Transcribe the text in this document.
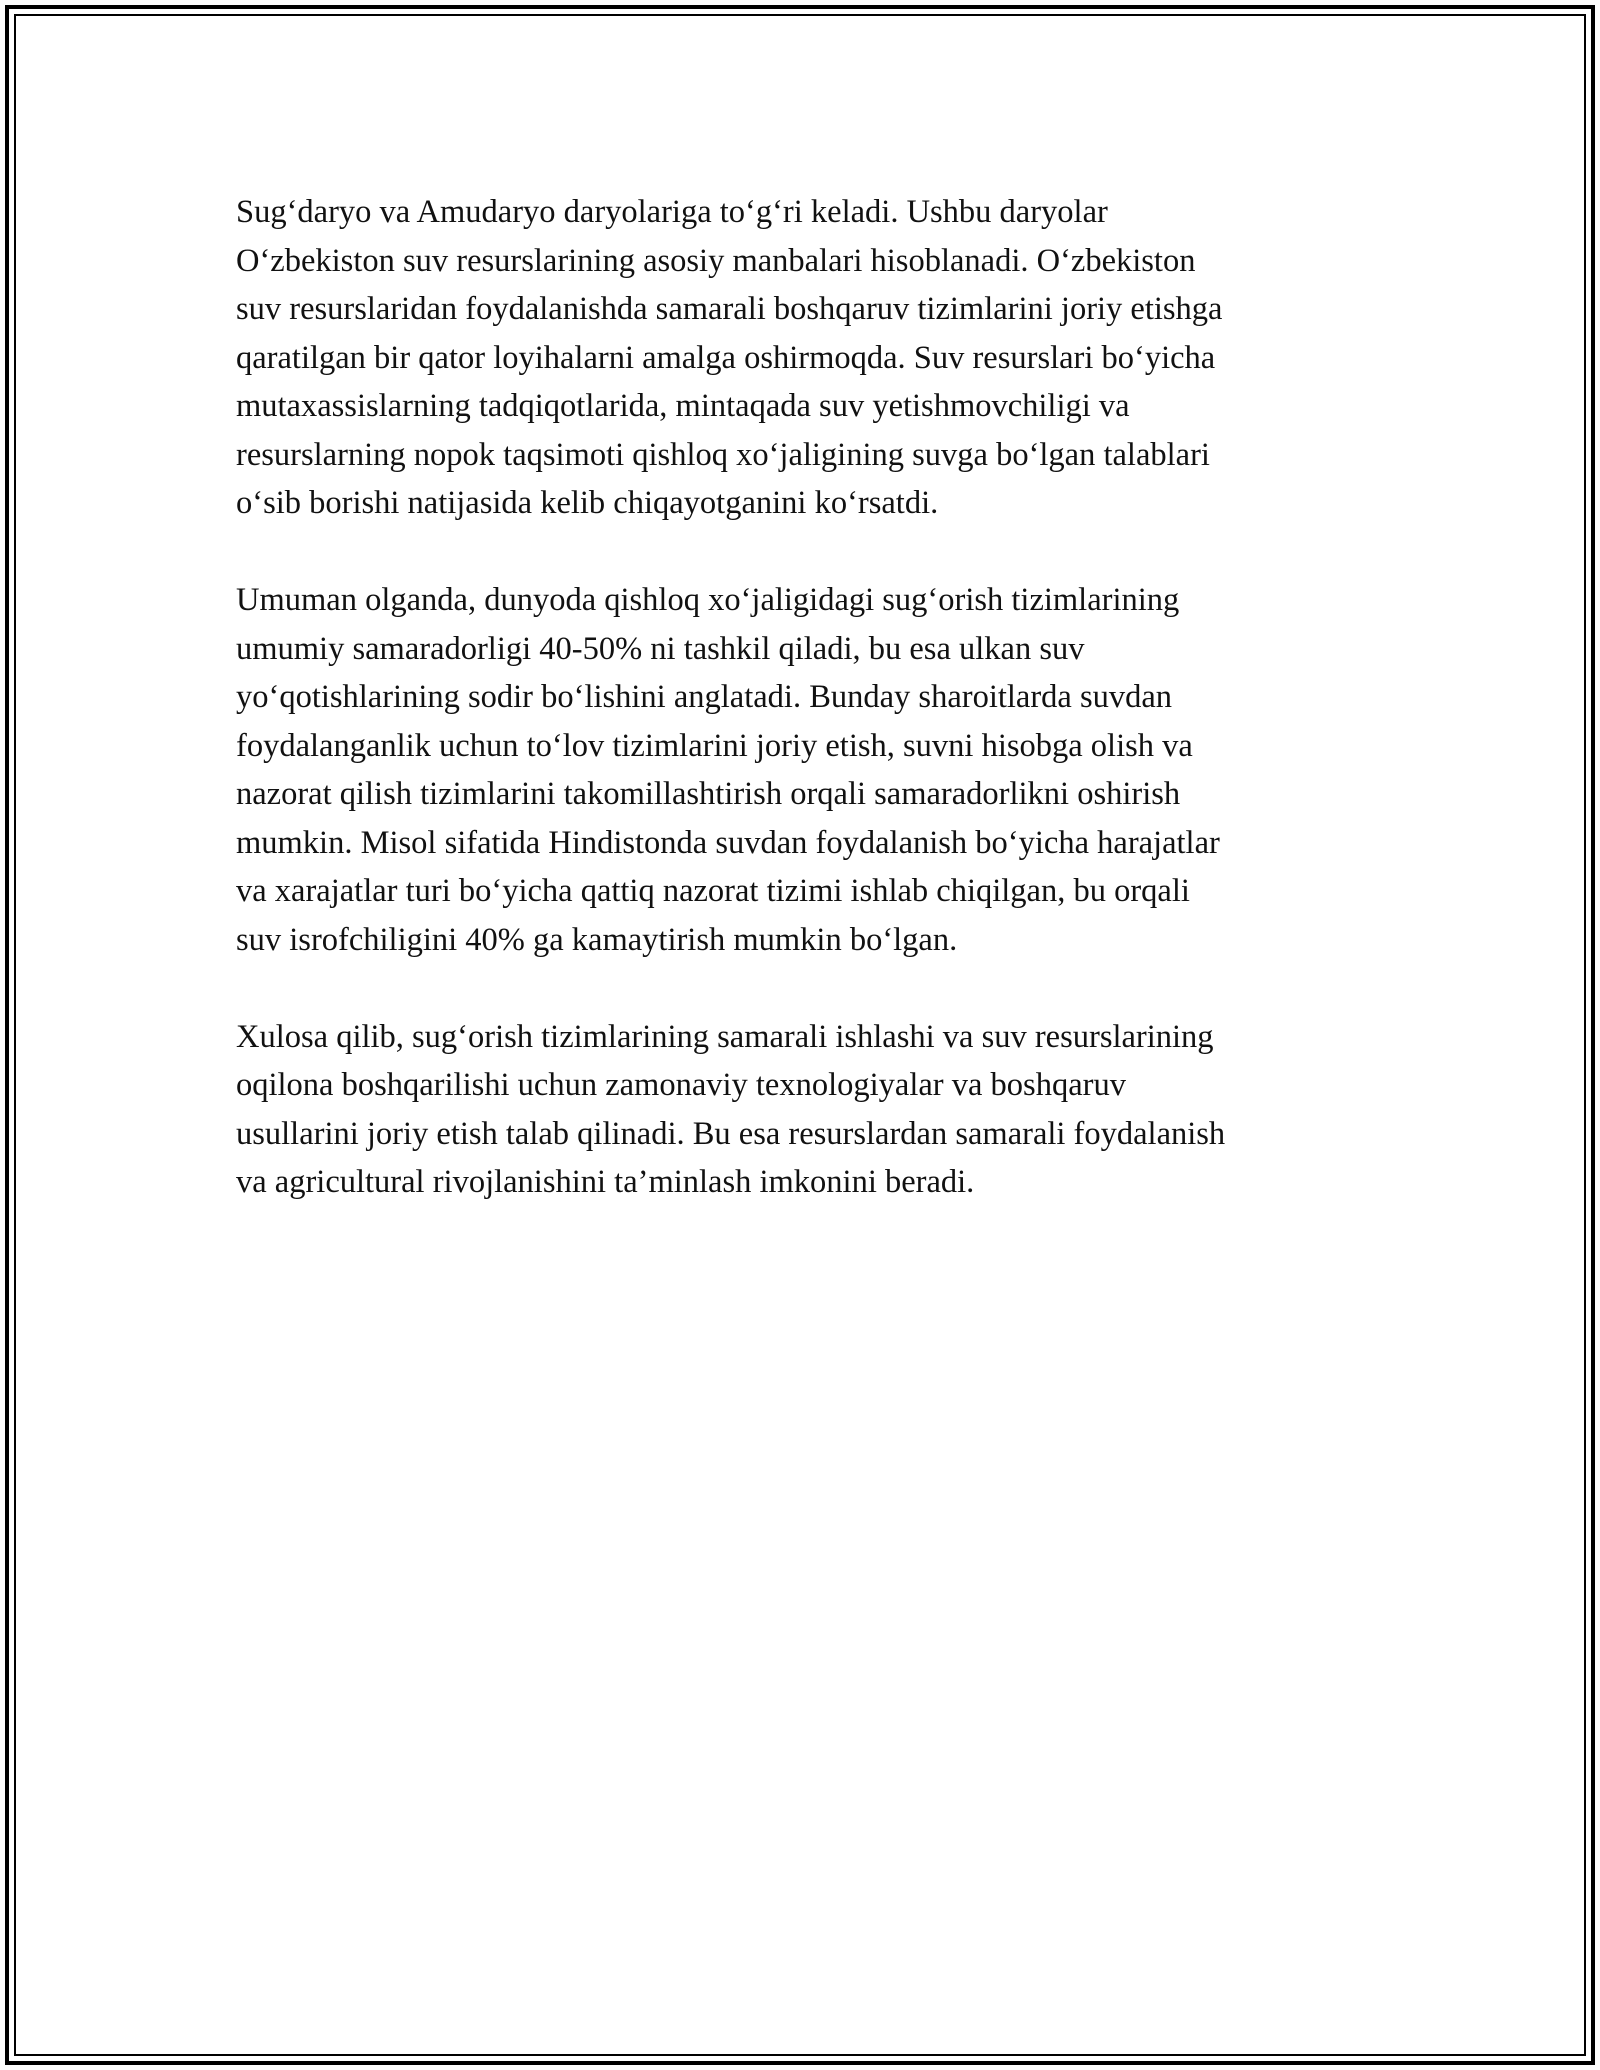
Sug‘daryo va Amudaryo daryolariga to‘g‘ri keladi. Ushbu daryolar
O‘zbekiston suv resurslarining asosiy manbalari hisoblanadi. O‘zbekiston
suv resurslaridan foydalanishda samarali boshqaruv tizimlarini joriy etishga
qaratilgan bir qator loyihalarni amalga oshirmoqda. Suv resurslari bo‘yicha
mutaxassislarning tadqiqotlarida, mintaqada suv yetishmovchiligi va
resurslarning nopok taqsimoti qishloq xo‘jaligining suvga bo‘lgan talablari
o‘sib borishi natijasida kelib chiqayotganini ko‘rsatdi.

Umuman olganda, dunyoda qishloq xo‘jaligidagi sug‘orish tizimlarining
umumiy samaradorligi 40-50% ni tashkil qiladi, bu esa ulkan suv
yo‘qotishlarining sodir bo‘lishini anglatadi. Bunday sharoitlarda suvdan
foydalanganlik uchun to‘lov tizimlarini joriy etish, suvni hisobga olish va
nazorat qilish tizimlarini takomillashtirish orqali samaradorlikni oshirish
mumkin. Misol sifatida Hindistonda suvdan foydalanish bo‘yicha harajatlar
va xarajatlar turi bo‘yicha qattiq nazorat tizimi ishlab chiqilgan, bu orqali
suv isrofchiligini 40% ga kamaytirish mumkin bo‘lgan.

Xulosa qilib, sug‘orish tizimlarining samarali ishlashi va suv resurslarining
oqilona boshqarilishi uchun zamonaviy texnologiyalar va boshqaruv
usullarini joriy etish talab qilinadi. Bu esa resurslardan samarali foydalanish
va agricultural rivojlanishini ta’minlash imkonini beradi.
